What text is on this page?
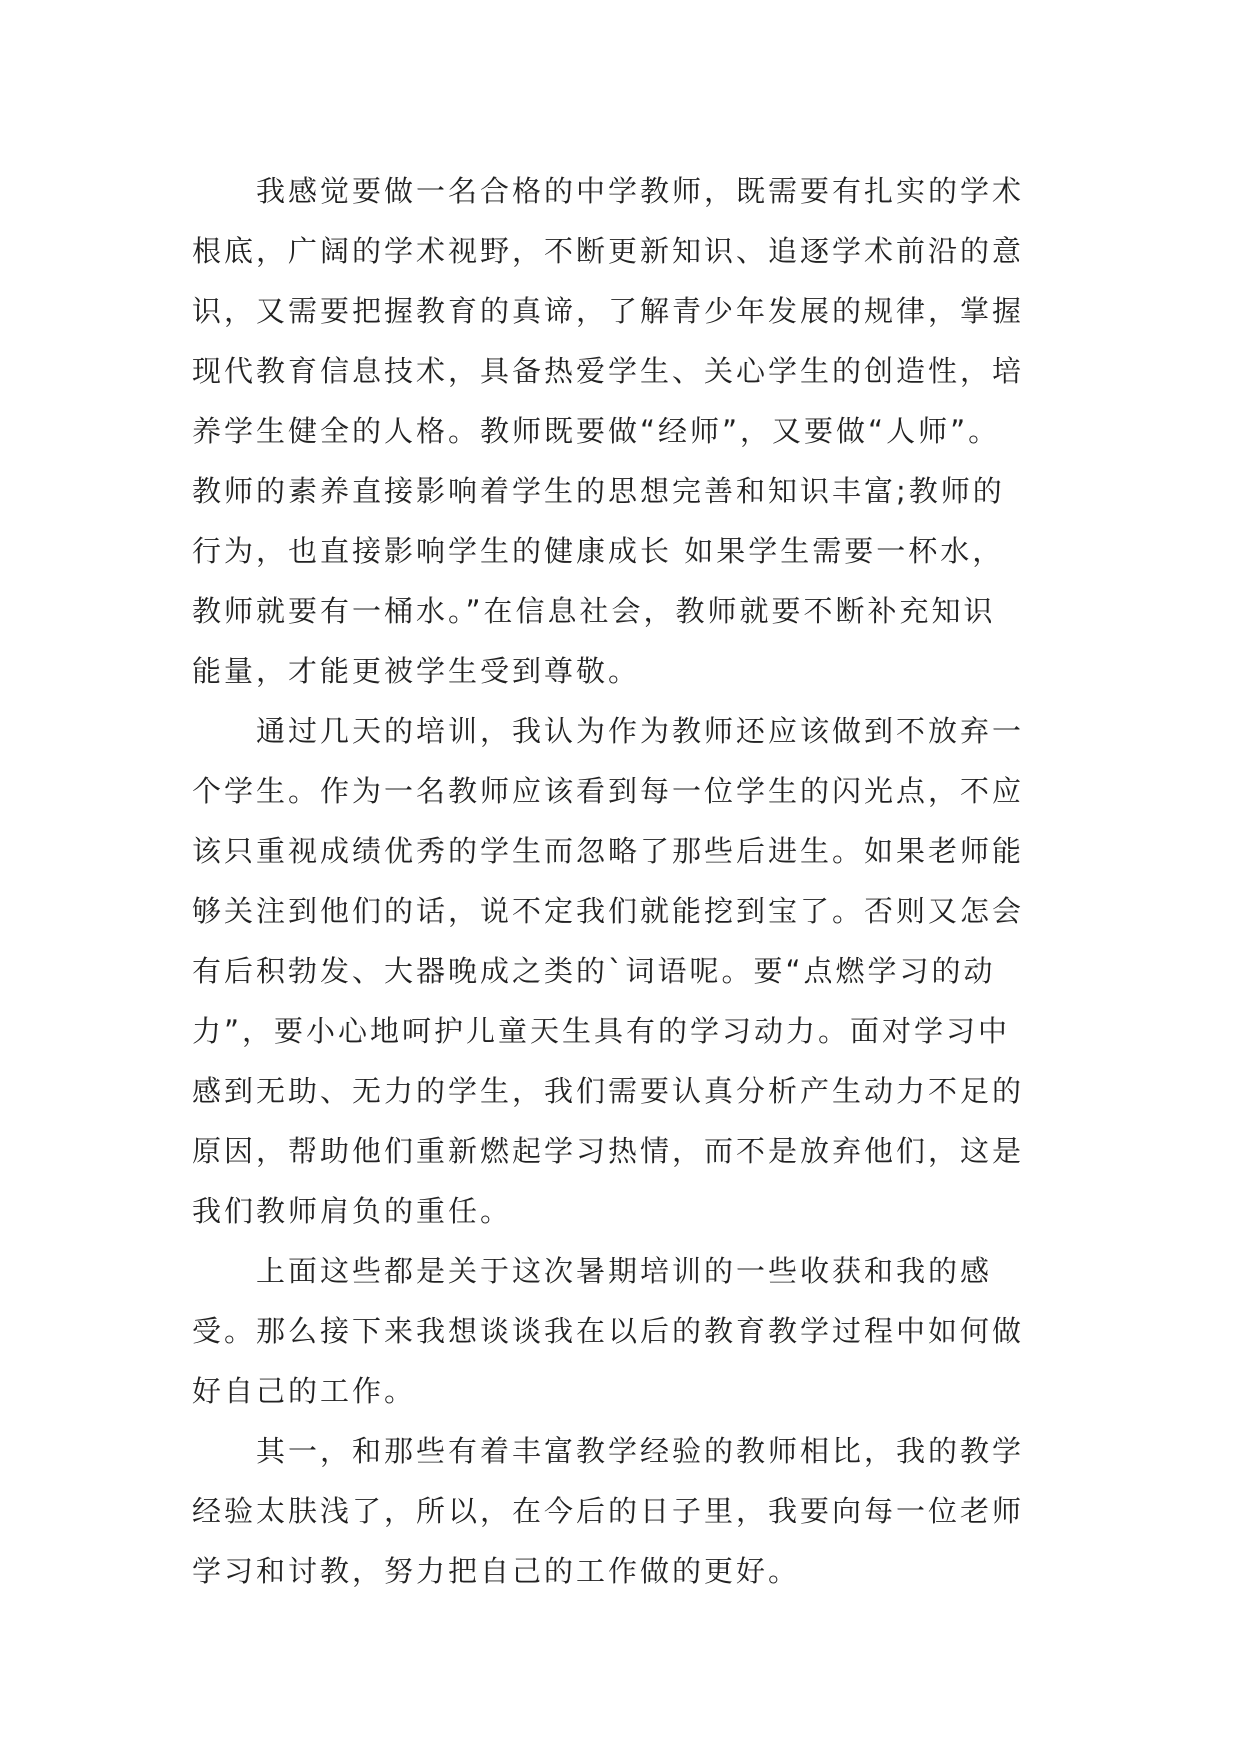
我感觉要做一名合格的中学教师，既需要有扎实的学术
根底，广阔的学术视野，不断更新知识、追逐学术前沿的意
识，又需要把握教育的真谛，了解青少年发展的规律，掌握
现代教育信息技术，具备热爱学生、关心学生的创造性，培
养学生健全的人格。教师既要做“经师”，又要做“人师”。
教师的素养直接影响着学生的思想完善和知识丰富;教师的
行为，也直接影响学生的健康成长 如果学生需要一杯水，
教师就要有一桶水。”在信息社会，教师就要不断补充知识
能量，才能更被学生受到尊敬。
通过几天的培训，我认为作为教师还应该做到不放弃一
个学生。作为一名教师应该看到每一位学生的闪光点，不应
该只重视成绩优秀的学生而忽略了那些后进生。如果老师能
够关注到他们的话，说不定我们就能挖到宝了。否则又怎会
有后积勃发、大器晚成之类的`词语呢。要“点燃学习的动
力”，要小心地呵护儿童天生具有的学习动力。面对学习中
感到无助、无力的学生，我们需要认真分析产生动力不足的
原因，帮助他们重新燃起学习热情，而不是放弃他们，这是
我们教师肩负的重任。
上面这些都是关于这次暑期培训的一些收获和我的感
受。那么接下来我想谈谈我在以后的教育教学过程中如何做
好自己的工作。
其一，和那些有着丰富教学经验的教师相比，我的教学
经验太肤浅了，所以，在今后的日子里，我要向每一位老师
学习和讨教，努力把自己的工作做的更好。
